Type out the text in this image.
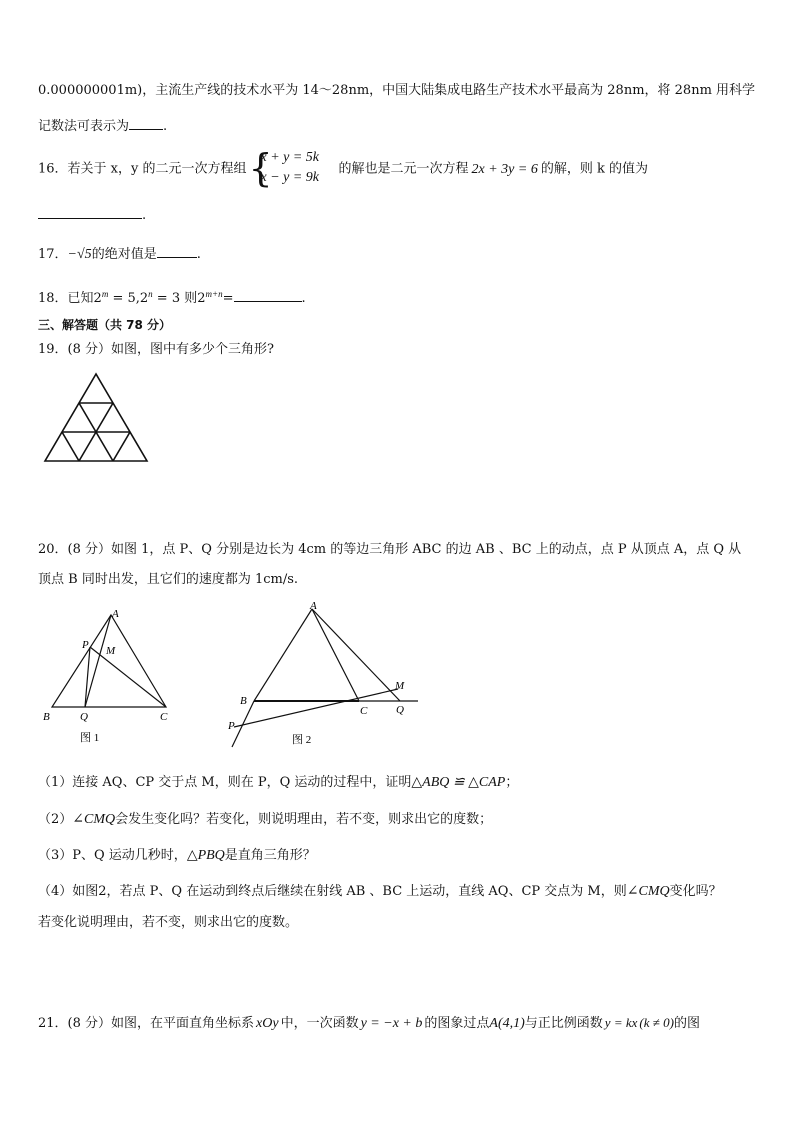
0.000000001m)，主流生产线的技术水平为 14～28nm，中国大陆集成电路生产技术水平最高为 28nm，将 28nm 用科学
记数法可表示为	.
16．若关于 x，y 的二元一次方程组 {
x + y = 5k
x − y = 9k
的解也是二元一次方程 2x + 3y = 6 的解，则 k 的值为
.
17．−√5的绝对值是	.
18．已知$2^m = 5,2^n = 3$ 则$2^{m+n}=$	.
三、解答题（共 78 分）
19．(8 分）如图，图中有多少个三角形?
20．(8 分）如图 1，点 P、Q 分别是边长为 4cm 的等边三角形 ABC 的边 AB 、BC 上的动点，点 P 从顶点 A，点 Q 从
顶点 B 同时出发，且它们的速度都为 1cm/s.
A
B	C
P
Q
M
图 1
A
B
C
P
Q
M
图 2
（1）连接 AQ、CP 交于点 M，则在 P，Q 运动的过程中，证明△ABQ ≌ △CAP；
（2）∠CMQ会发生变化吗？若变化，则说明理由，若不变，则求出它的度数；
（3）P、Q 运动几秒时，△PBQ是直角三角形？
（4）如图2，若点 P、Q 在运动到终点后继续在射线 AB 、BC 上运动，直线 AQ、CP 交点为 M，则∠CMQ变化吗？
若变化说明理由，若不变，则求出它的度数。
21．(8 分）如图，在平面直角坐标系 xOy 中，一次函数 y = −x + b 的图象过点A(4,1)与正比例函数 y = kx (k ≠ 0)的图
